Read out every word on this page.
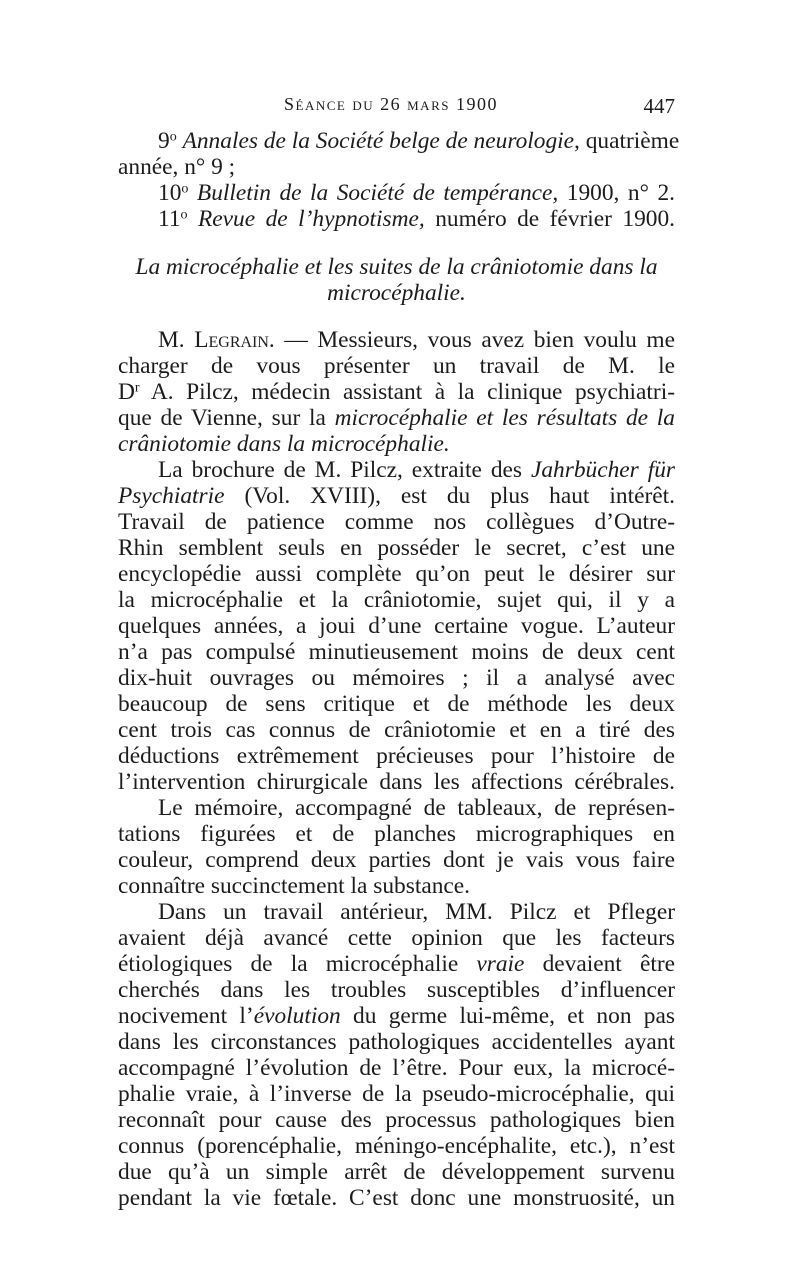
Séance du 26 mars 1900	447
9$^o$ Annales de la Société belge de neurologie, quatrième
année, n° 9 ;
10$^o$ Bulletin de la Société de tempérance, 1900, n° 2.
11$^o$ Revue de l’hypnotisme, numéro de février 1900.
La microcéphalie et les suites de la crâniotomie dans la
microcéphalie.
M. Legrain. — Messieurs, vous avez bien voulu me
charger de vous présenter un travail de M. le
$D^r$ A. Pilcz, médecin assistant à la clinique psychiatri-
que de Vienne, sur la microcéphalie et les résultats de la
crâniotomie dans la microcéphalie.
La brochure de M. Pilcz, extraite des Jahrbücher für
Psychiatrie (Vol. XVIII), est du plus haut intérêt.
Travail de patience comme nos collègues d’Outre-
Rhin semblent seuls en posséder le secret, c’est une
encyclopédie aussi complète qu’on peut le désirer sur
la microcéphalie et la crâniotomie, sujet qui, il y a
quelques années, a joui d’une certaine vogue. L’auteur
n’a pas compulsé minutieusement moins de deux cent
dix-huit ouvrages ou mémoires ; il a analysé avec
beaucoup de sens critique et de méthode les deux
cent trois cas connus de crâniotomie et en a tiré des
déductions extrêmement précieuses pour l’histoire de
l’intervention chirurgicale dans les affections cérébrales.
Le mémoire, accompagné de tableaux, de représen-
tations figurées et de planches micrographiques en
couleur, comprend deux parties dont je vais vous faire
connaître succinctement la substance.
Dans un travail antérieur, MM. Pilcz et Pfleger
avaient déjà avancé cette opinion que les facteurs
étiologiques de la microcéphalie vraie devaient être
cherchés dans les troubles susceptibles d’influencer
nocivement l’évolution du germe lui-même, et non pas
dans les circonstances pathologiques accidentelles ayant
accompagné l’évolution de l’être. Pour eux, la microcé-
phalie vraie, à l’inverse de la pseudo-microcéphalie, qui
reconnaît pour cause des processus pathologiques bien
connus (porencéphalie, méningo-encéphalite, etc.), n’est
due qu’à un simple arrêt de développement survenu
pendant la vie fœtale. C’est donc une monstruosité, un
